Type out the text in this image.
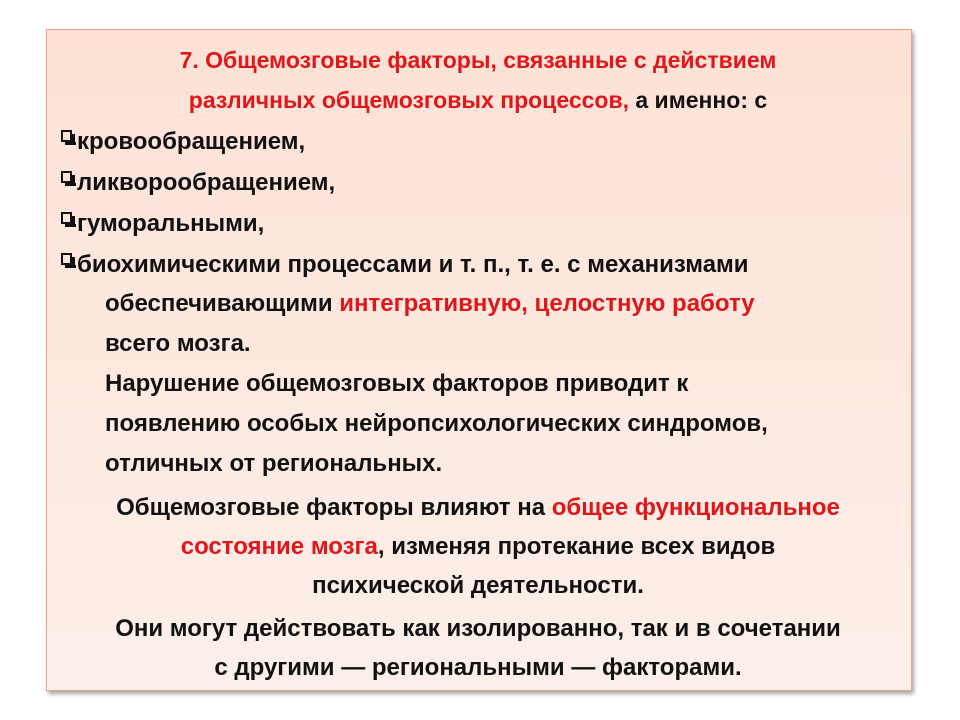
7. Общемозговые факторы, связанные с действием
различных общемозговых процессов, а именно: с
кровообращением,
ликворообращением,
гуморальными,
биохимическими процессами и т. п., т. е. с механизмами
обеспечивающими интегративную, целостную работу
всего мозга.
Нарушение общемозговых факторов приводит к
появлению особых нейропсихологических синдромов,
отличных от региональных.
Общемозговые факторы влияют на общее функциональное
состояние мозга, изменяя протекание всех видов
психической деятельности.
Они могут действовать как изолированно, так и в сочетании
с другими — региональными — факторами.
